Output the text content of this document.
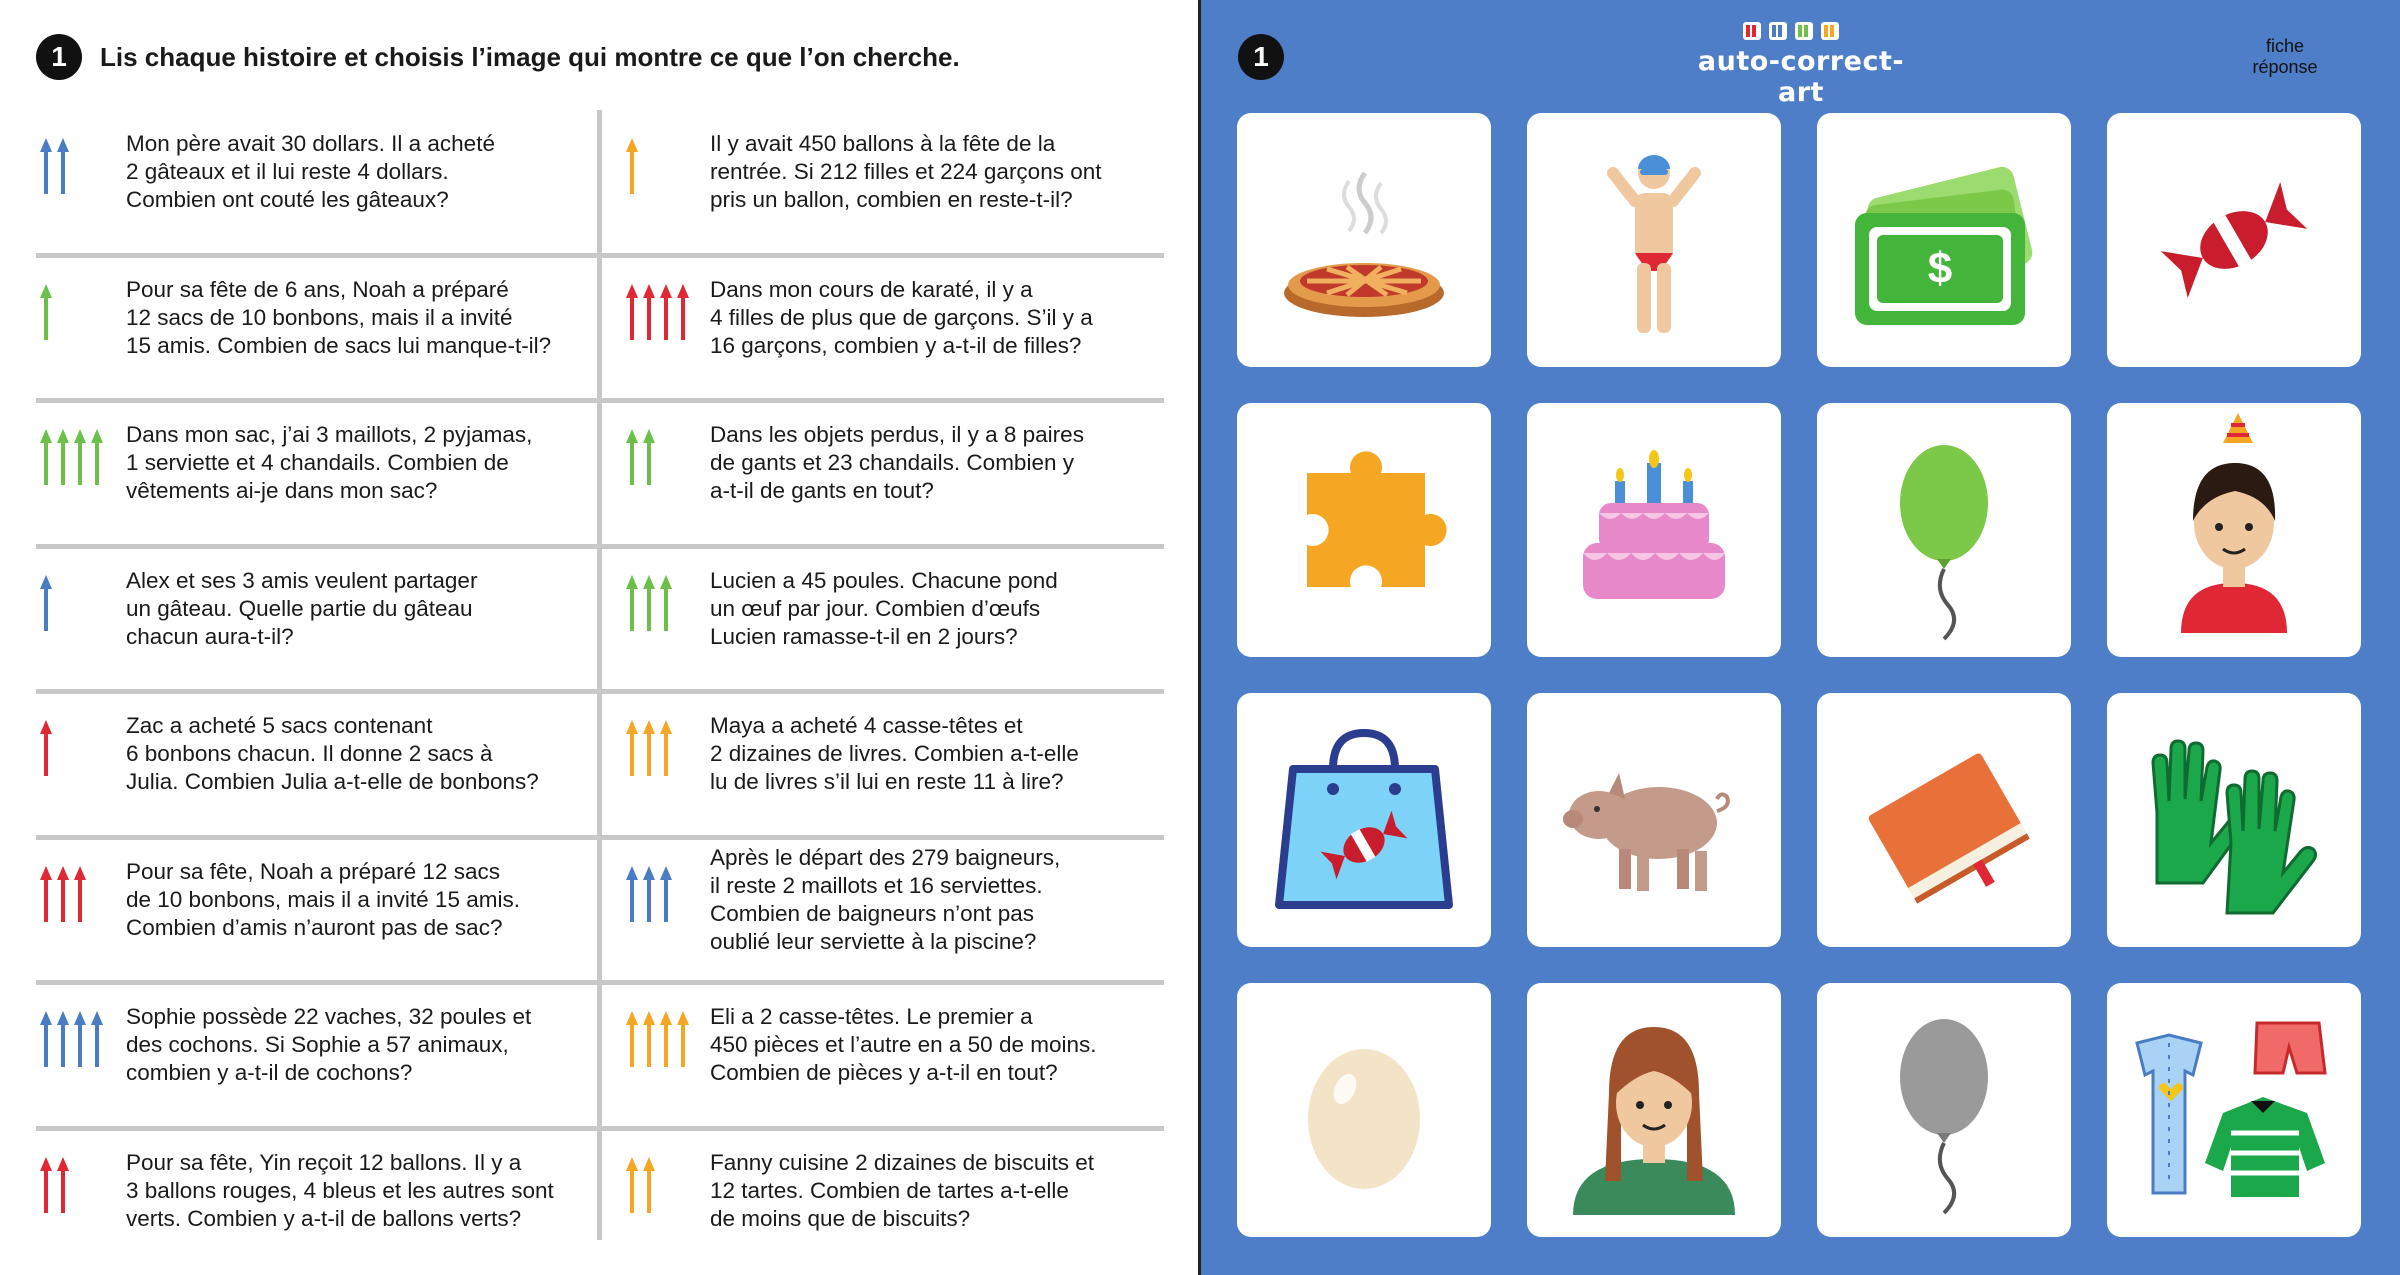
1	Lis chaque histoire et choisis l’image qui montre ce que l’on cherche.
Mon père avait 30 dollars. Il a acheté
2 gâteaux et il lui reste 4 dollars.
Combien ont couté les gâteaux?
Il y avait 450 ballons à la fête de la
rentrée. Si 212 filles et 224 garçons ont
pris un ballon, combien en reste-t-il?
Pour sa fête de 6 ans, Noah a préparé
12 sacs de 10 bonbons, mais il a invité
15 amis. Combien de sacs lui manque-t-il?
Dans mon cours de karaté, il y a
4 filles de plus que de garçons. S’il y a
16 garçons, combien y a-t-il de filles?
Dans mon sac, j’ai 3 maillots, 2 pyjamas,
1 serviette et 4 chandails. Combien de
vêtements ai-je dans mon sac?
Dans les objets perdus, il y a 8 paires
de gants et 23 chandails. Combien y
a-t-il de gants en tout?
Alex et ses 3 amis veulent partager
un gâteau. Quelle partie du gâteau
chacun aura-t-il?
Lucien a 45 poules. Chacune pond
un œuf par jour. Combien d’œufs
Lucien ramasse-t-il en 2 jours?
Zac a acheté 5 sacs contenant
6 bonbons chacun. Il donne 2 sacs à
Julia. Combien Julia a-t-elle de bonbons?
Maya a acheté 4 casse-têtes et
2 dizaines de livres. Combien a-t-elle
lu de livres s’il lui en reste 11 à lire?
Pour sa fête, Noah a préparé 12 sacs
de 10 bonbons, mais il a invité 15 amis.
Combien d’amis n’auront pas de sac?
Après le départ des 279 baigneurs,
il reste 2 maillots et 16 serviettes.
Combien de baigneurs n’ont pas
oublié leur serviette à la piscine?
Sophie possède 22 vaches, 32 poules et
des cochons. Si Sophie a 57 animaux,
combien y a-t-il de cochons?
Eli a 2 casse-têtes. Le premier a
450 pièces et l’autre en a 50 de moins.
Combien de pièces y a-t-il en tout?
Pour sa fête, Yin reçoit 12 ballons. Il y a
3 ballons rouges, 4 bleus et les autres sont
verts. Combien y a-t-il de ballons verts?
Fanny cuisine 2 dizaines de biscuits et
12 tartes. Combien de tartes a-t-elle
de moins que de biscuits?
1	auto-correct-art
fiche
réponse
$
